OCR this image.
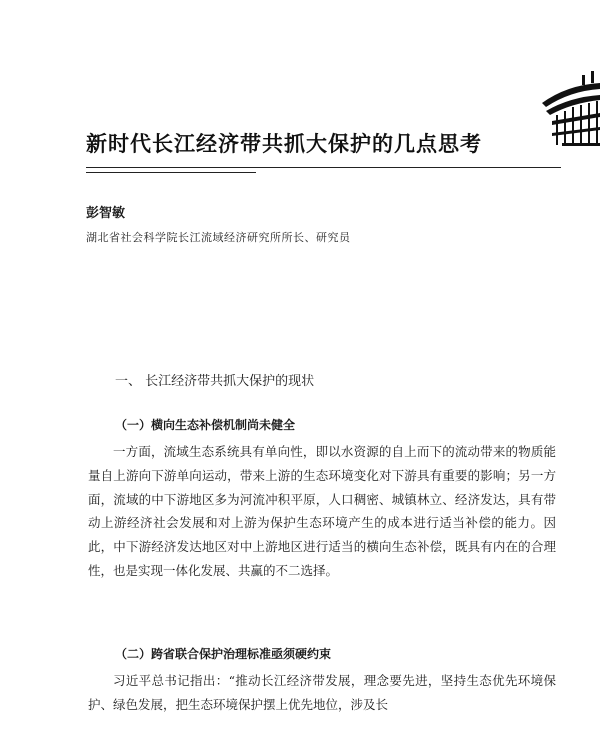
新时代长江经济带共抓大保护的几点思考
彭智敏
湖北省社会科学院长江流域经济研究所所长、研究员
一、 长江经济带共抓大保护的现状
（一）横向生态补偿机制尚未健全

一方面，流域生态系统具有单向性，即以水资源的自上而下的流动带来的物质能量自上游向下游单向运动，带来上游的生态环境变化对下游具有重要的影响；另一方面，流域的中下游地区多为河流冲积平原，人口稠密、城镇林立、经济发达，具有带动上游经济社会发展和对上游为保护生态环境产生的成本进行适当补偿的能力。因此，中下游经济发达地区对中上游地区进行适当的横向生态补偿，既具有内在的合理性，也是实现一体化发展、共赢的不二选择。

（二）跨省联合保护治理标准亟须硬约束

习近平总书记指出：“推动长江经济带发展，理念要先进，坚持生态优先环境保护、绿色发展，把生态环境保护摆上优先地位，涉及长
